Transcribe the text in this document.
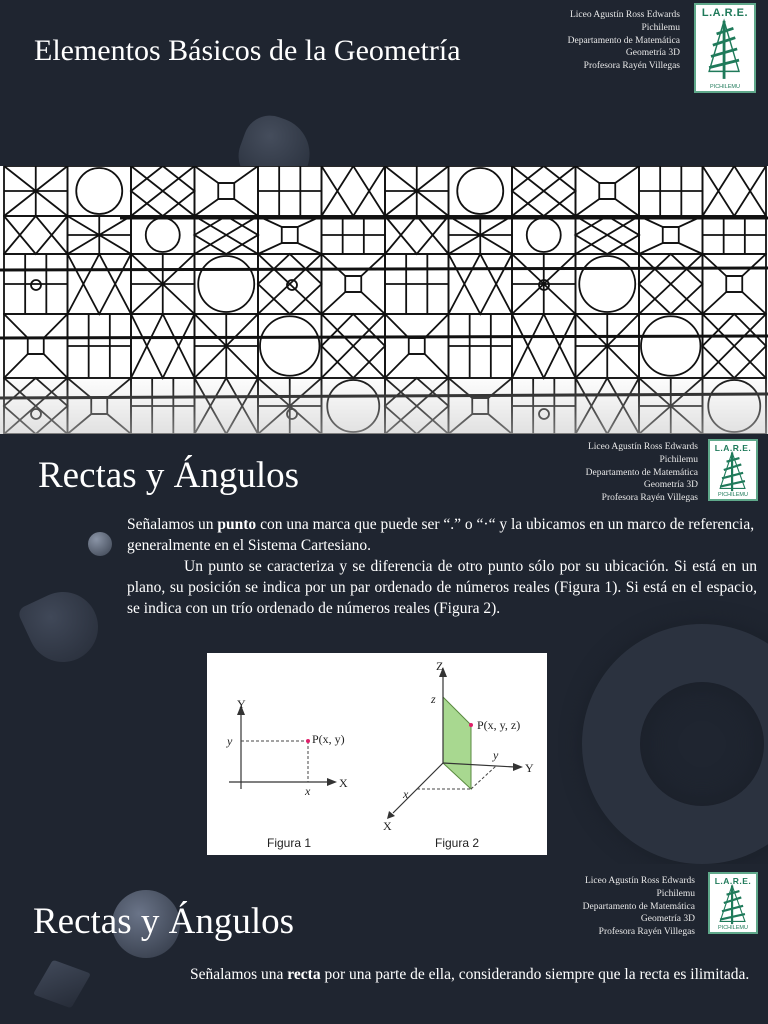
Elementos Básicos de la Geometría
Liceo Agustín Ross Edwards
Pichilemu
Departamento de Matemática
Geometría 3D
Profesora Rayén Villegas
L.A.R.E.
PICHILEMU
Rectas y Ángulos
Liceo Agustín Ross Edwards
Pichilemu
Departamento de Matemática
Geometría 3D
Profesora Rayén Villegas
L.A.R.E.
PICHILEMU

Señalamos un punto con una marca que puede ser “.” o “·“ y la ubicamos en un marco de referencia, generalmente en el Sistema Cartesiano.

Un punto se caracteriza y se diferencia de otro punto sólo por su ubicación. Si está en un plano, su posición se indica por un par ordenado de números reales (Figura 1). Si está en el espacio, se indica con un trío ordenado de números reales (Figura 2).

Y
X
y
x
P(x, y)
Figura 1
Z
Y
X
z
y
x
P(x, y, z)
Figura 2
Rectas y Ángulos
Liceo Agustín Ross Edwards
Pichilemu
Departamento de Matemática
Geometría 3D
Profesora Rayén Villegas
L.A.R.E.
PICHILEMU

Señalamos una recta por una parte de ella, considerando siempre que la recta es ilimitada.
